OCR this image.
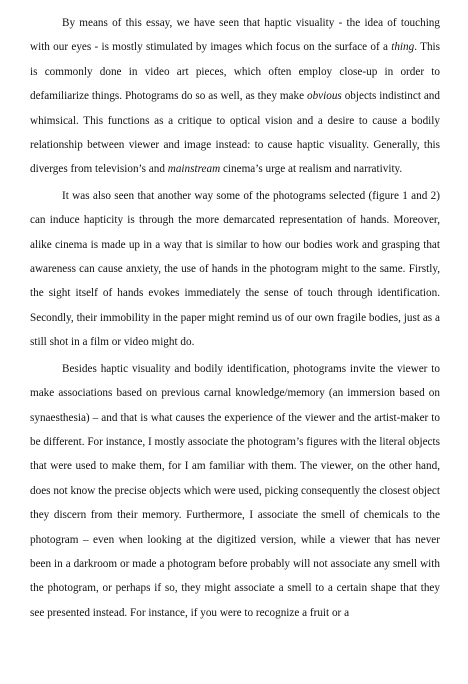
By means of this essay, we have seen that haptic visuality - the idea of touching with our eyes - is mostly stimulated by images which focus on the surface of a thing. This is commonly done in video art pieces, which often employ close-up in order to defamiliarize things. Photograms do so as well, as they make obvious objects indistinct and whimsical. This functions as a critique to optical vision and a desire to cause a bodily relationship between viewer and image instead: to cause haptic visuality. Generally, this diverges from television’s and mainstream cinema’s urge at realism and narrativity.

It was also seen that another way some of the photograms selected (figure 1 and 2) can induce hapticity is through the more demarcated representation of hands. Moreover, alike cinema is made up in a way that is similar to how our bodies work and grasping that awareness can cause anxiety, the use of hands in the photogram might to the same. Firstly, the sight itself of hands evokes immediately the sense of touch through identification. Secondly, their immobility in the paper might remind us of our own fragile bodies, just as a still shot in a film or video might do.

Besides haptic visuality and bodily identification, photograms invite the viewer to make associations based on previous carnal knowledge/memory (an immersion based on synaesthesia) – and that is what causes the experience of the viewer and the artist-maker to be different. For instance, I mostly associate the photogram’s figures with the literal objects that were used to make them, for I am familiar with them. The viewer, on the other hand, does not know the precise objects which were used, picking consequently the closest object they discern from their memory. Furthermore, I associate the smell of chemicals to the photogram – even when looking at the digitized version, while a viewer that has never been in a darkroom or made a photogram before probably will not associate any smell with the photogram, or perhaps if so, they might associate a smell to a certain shape that they see presented instead. For instance, if you were to recognize a fruit or a
